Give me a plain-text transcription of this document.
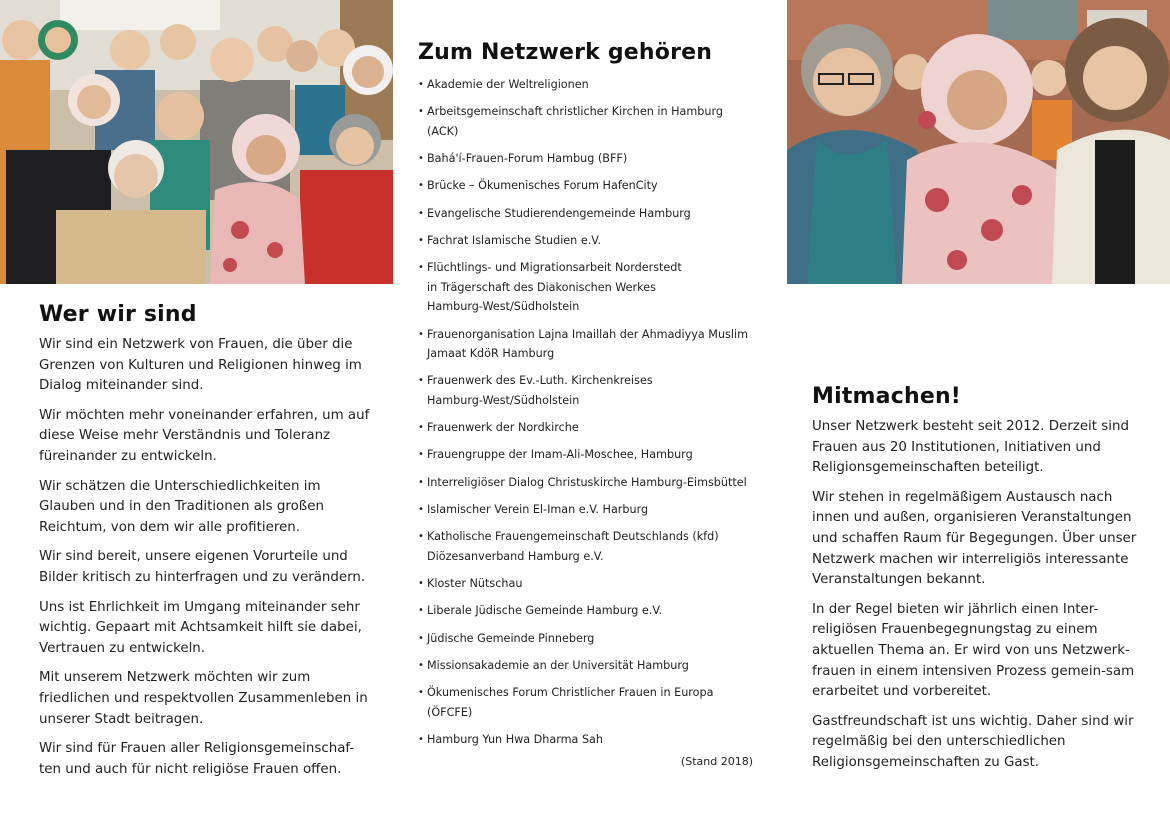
Wer wir sind

Wir sind ein Netzwerk von Frauen, die über die Grenzen von Kulturen und Religionen hinweg im Dialog miteinander sind.

Wir möchten mehr voneinander erfahren, um auf diese Weise mehr Verständnis und Toleranz füreinander zu entwickeln.

Wir schätzen die Unterschiedlichkeiten im Glauben und in den Traditionen als großen Reichtum, von dem wir alle profitieren.

Wir sind bereit, unsere eigenen Vorurteile und Bilder kritisch zu hinterfragen und zu verändern.

Uns ist Ehrlichkeit im Umgang miteinander sehr wichtig. Gepaart mit Achtsamkeit hilft sie dabei, Vertrauen zu entwickeln.

Mit unserem Netzwerk möchten wir zum friedlichen und respektvollen Zusammenleben in unserer Stadt beitragen.

Wir sind für Frauen aller Religionsgemeinschaf-ten und auch für nicht religiöse Frauen offen.

Zum Netzwerk gehören
• Akademie der Weltreligionen
• Arbeitsgemeinschaft christlicher Kirchen in Hamburg
(ACK)
• Bahá'í-Frauen-Forum Hambug (BFF)
• Brücke – Ökumenisches Forum HafenCity
• Evangelische Studierendengemeinde Hamburg
• Fachrat Islamische Studien e.V.
• Flüchtlings- und Migrationsarbeit Norderstedt
in Trägerschaft des Diakonischen Werkes
Hamburg-West/Südholstein
• Frauenorganisation Lajna Imaillah der Ahmadiyya Muslim
Jamaat KdöR Hamburg
• Frauenwerk des Ev.-Luth. Kirchenkreises
Hamburg-West/Südholstein
• Frauenwerk der Nordkirche
• Frauengruppe der Imam-Ali-Moschee, Hamburg
• Interreligiöser Dialog Christuskirche Hamburg-Eimsbüttel
• Islamischer Verein El-Iman e.V. Harburg
• Katholische Frauengemeinschaft Deutschlands (kfd)
Diözesanverband Hamburg e.V.
• Kloster Nütschau
• Liberale Jüdische Gemeinde Hamburg e.V.
• Jüdische Gemeinde Pinneberg
• Missionsakademie an der Universität Hamburg
• Ökumenisches Forum Christlicher Frauen in Europa
(ÖFCFE)
• Hamburg Yun Hwa Dharma Sah
(Stand 2018)
Mitmachen!

Unser Netzwerk besteht seit 2012. Derzeit sind Frauen aus 20 Institutionen, Initiativen und Religionsgemeinschaften beteiligt.

Wir stehen in regelmäßigem Austausch nach innen und außen, organisieren Veranstaltungen und schaffen Raum für Begegungen. Über unser Netzwerk machen wir interreligiös interessante Veranstaltungen bekannt.

In der Regel bieten wir jährlich einen Inter-religiösen Frauenbegegnungstag zu einem aktuellen Thema an. Er wird von uns Netzwerk-frauen in einem intensiven Prozess gemein-sam erarbeitet und vorbereitet.

Gastfreundschaft ist uns wichtig. Daher sind wir regelmäßig bei den unterschiedlichen Religionsgemeinschaften zu Gast.
